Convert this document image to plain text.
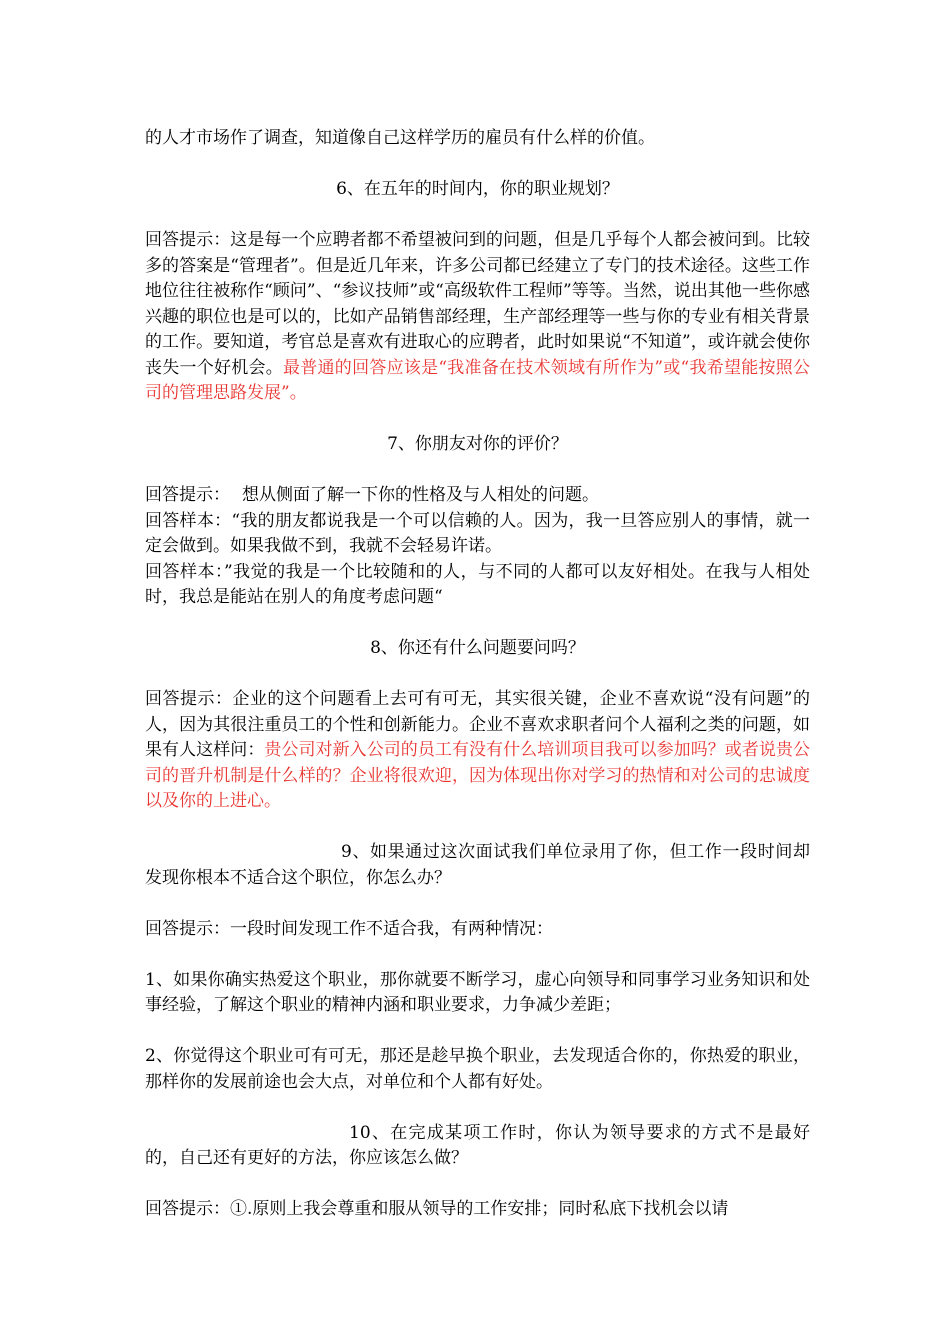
的人才市场作了调查，知道像自己这样学历的雇员有什么样的价值。

6、在五年的时间内，你的职业规划？

回答提示：这是每一个应聘者都不希望被问到的问题，但是几乎每个人都会被问到。比较多的答案是“管理者”。但是近几年来，许多公司都已经建立了专门的技术途径。这些工作地位往往被称作“顾问”、“参议技师”或“高级软件工程师”等等。当然，说出其他一些你感兴趣的职位也是可以的，比如产品销售部经理，生产部经理等一些与你的专业有相关背景的工作。要知道，考官总是喜欢有进取心的应聘者，此时如果说“不知道”，或许就会使你丧失一个好机会。最普通的回答应该是“我准备在技术领域有所作为”或“我希望能按照公司的管理思路发展”。

7、你朋友对你的评价？

回答提示： 想从侧面了解一下你的性格及与人相处的问题。

回答样本：“我的朋友都说我是一个可以信赖的人。因为，我一旦答应别人的事情，就一定会做到。如果我做不到，我就不会轻易许诺。

回答样本：”我觉的我是一个比较随和的人，与不同的人都可以友好相处。在我与人相处时，我总是能站在别人的角度考虑问题“

8、你还有什么问题要问吗？

回答提示：企业的这个问题看上去可有可无，其实很关键，企业不喜欢说“没有问题”的人，因为其很注重员工的个性和创新能力。企业不喜欢求职者问个人福利之类的问题，如果有人这样问：贵公司对新入公司的员工有没有什么培训项目我可以参加吗？或者说贵公司的晋升机制是什么样的？企业将很欢迎，因为体现出你对学习的热情和对公司的忠诚度以及你的上进心。

9、如果通过这次面试我们单位录用了你，但工作一段时间却发现你根本不适合这个职位，你怎么办？

回答提示：一段时间发现工作不适合我，有两种情况：

1、如果你确实热爱这个职业，那你就要不断学习，虚心向领导和同事学习业务知识和处事经验，了解这个职业的精神内涵和职业要求，力争减少差距；

2、你觉得这个职业可有可无，那还是趁早换个职业，去发现适合你的，你热爱的职业，那样你的发展前途也会大点，对单位和个人都有好处。

10、在完成某项工作时，你认为领导要求的方式不是最好的，自己还有更好的方法，你应该怎么做？

回答提示：①.原则上我会尊重和服从领导的工作安排；同时私底下找机会以请
